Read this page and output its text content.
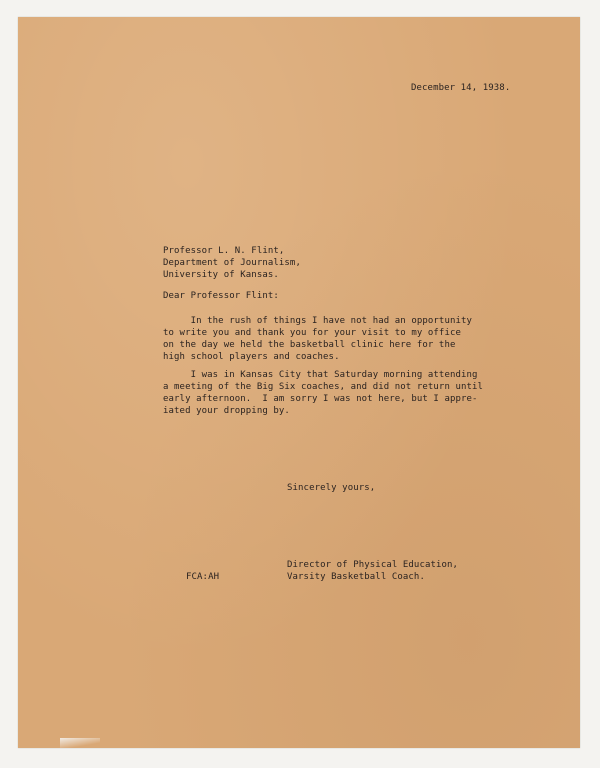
December 14, 1938.

Professor L. N. Flint,
Department of Journalism,
University of Kansas.

Dear Professor Flint:

In the rush of things I have not had an opportunity
to write you and thank you for your visit to my office
on the day we held the basketball clinic here for the
high school players and coaches.
I was in Kansas City that Saturday morning attending
a meeting of the Big Six coaches, and did not return until
early afternoon.  I am sorry I was not here, but I appre-
iated your dropping by.

Sincerely yours,

Director of Physical Education,
Varsity Basketball Coach.

FCA:AH
